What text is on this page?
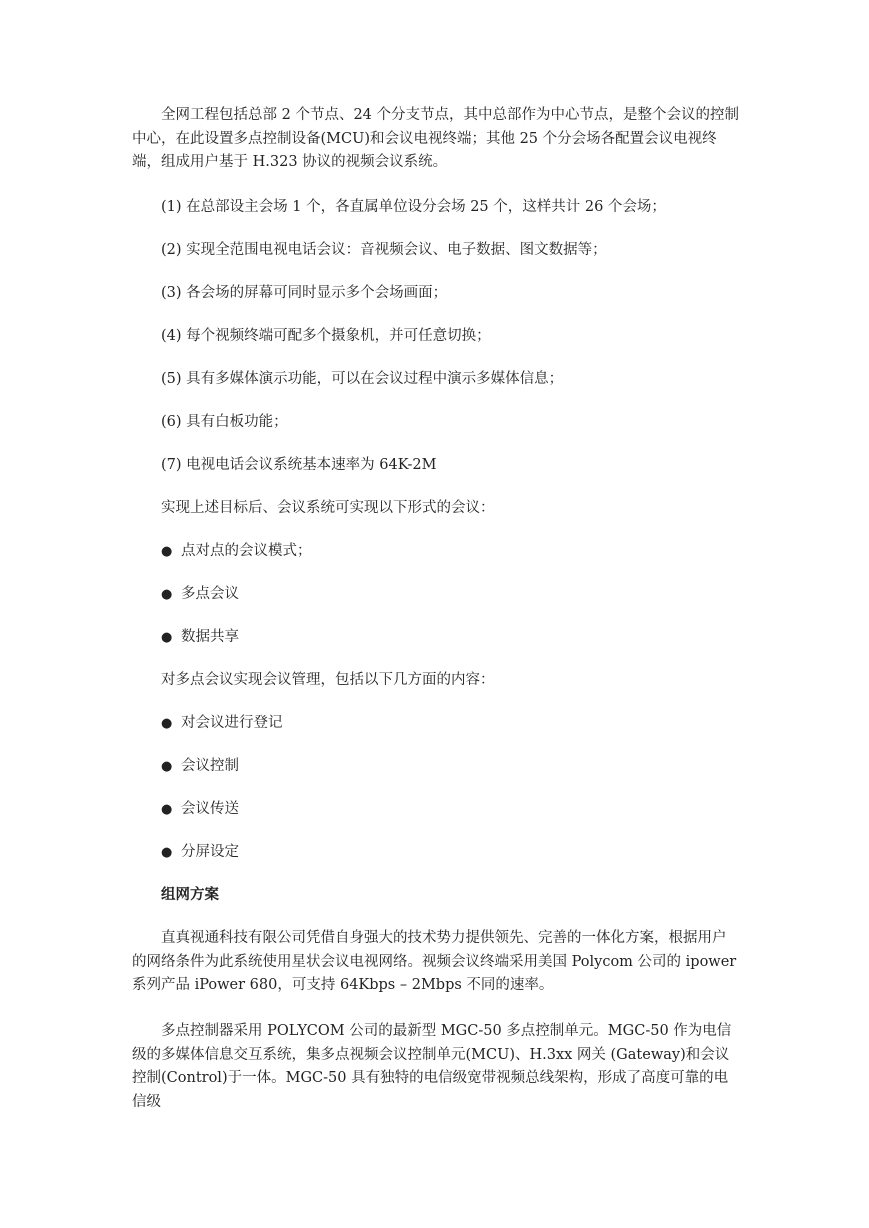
全网工程包括总部 2 个节点、24 个分支节点，其中总部作为中心节点，是整个会议的控制中心，在此设置多点控制设备(MCU)和会议电视终端；其他 25 个分会场各配置会议电视终端，组成用户基于 H.323 协议的视频会议系统。

(1) 在总部设主会场 1 个，各直属单位设分会场 25 个，这样共计 26 个会场；

(2) 实现全范围电视电话会议：音视频会议、电子数据、图文数据等；

(3) 各会场的屏幕可同时显示多个会场画面；

(4) 每个视频终端可配多个摄象机，并可任意切换；

(5) 具有多媒体演示功能，可以在会议过程中演示多媒体信息；

(6) 具有白板功能；

(7) 电视电话会议系统基本速率为 64K-2M

实现上述目标后、会议系统可实现以下形式的会议：

● 点对点的会议模式；

● 多点会议

● 数据共享

对多点会议实现会议管理，包括以下几方面的内容：

● 对会议进行登记

● 会议控制

● 会议传送

● 分屏设定

组网方案

直真视通科技有限公司凭借自身强大的技术势力提供领先、完善的一体化方案，根据用户的网络条件为此系统使用星状会议电视网络。视频会议终端采用美国 Polycom 公司的 ipower 系列产品 iPower 680，可支持 64Kbps – 2Mbps 不同的速率。

多点控制器采用 POLYCOM 公司的最新型 MGC-50 多点控制单元。MGC-50 作为电信级的多媒体信息交互系统，集多点视频会议控制单元(MCU)、H.3xx 网关 (Gateway)和会议控制(Control)于一体。MGC-50 具有独特的电信级宽带视频总线架构，形成了高度可靠的电信级
